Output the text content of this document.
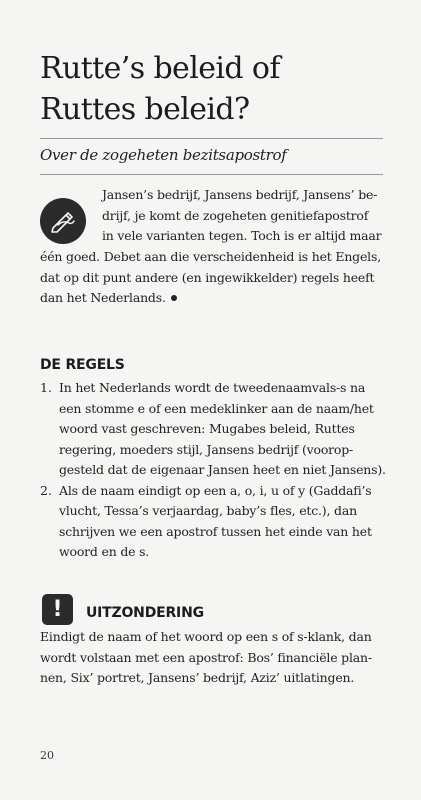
Rutte’s beleid of
Ruttes beleid?
Over de zogeheten bezitsapostrof
Jansen’s bedrijf, Jansens bedrijf, Jansens’ be-
drijf, je komt de zogeheten genitiefapostrof
in vele varianten tegen. Toch is er altijd maar
één goed. Debet aan die verscheidenheid is het Engels,
dat op dit punt andere (en ingewikkelder) regels heeft
dan het Nederlands.
DE REGELS
1. In het Nederlands wordt de tweedenaamvals-s na
een stomme e of een medeklinker aan de naam/het
woord vast geschreven: Mugabes beleid, Ruttes
regering, moeders stijl, Jansens bedrijf (voorop-
gesteld dat de eigenaar Jansen heet en niet Jansens).
2. Als de naam eindigt op een a, o, i, u of y (Gaddafi’s
vlucht, Tessa’s verjaardag, baby’s fles, etc.), dan
schrijven we een apostrof tussen het einde van het
woord en de s.
!	UITZONDERING
Eindigt de naam of het woord op een s of s-klank, dan
wordt volstaan met een apostrof: Bos’ financiële plan-
nen, Six’ portret, Jansens’ bedrijf, Aziz’ uitlatingen.
20
